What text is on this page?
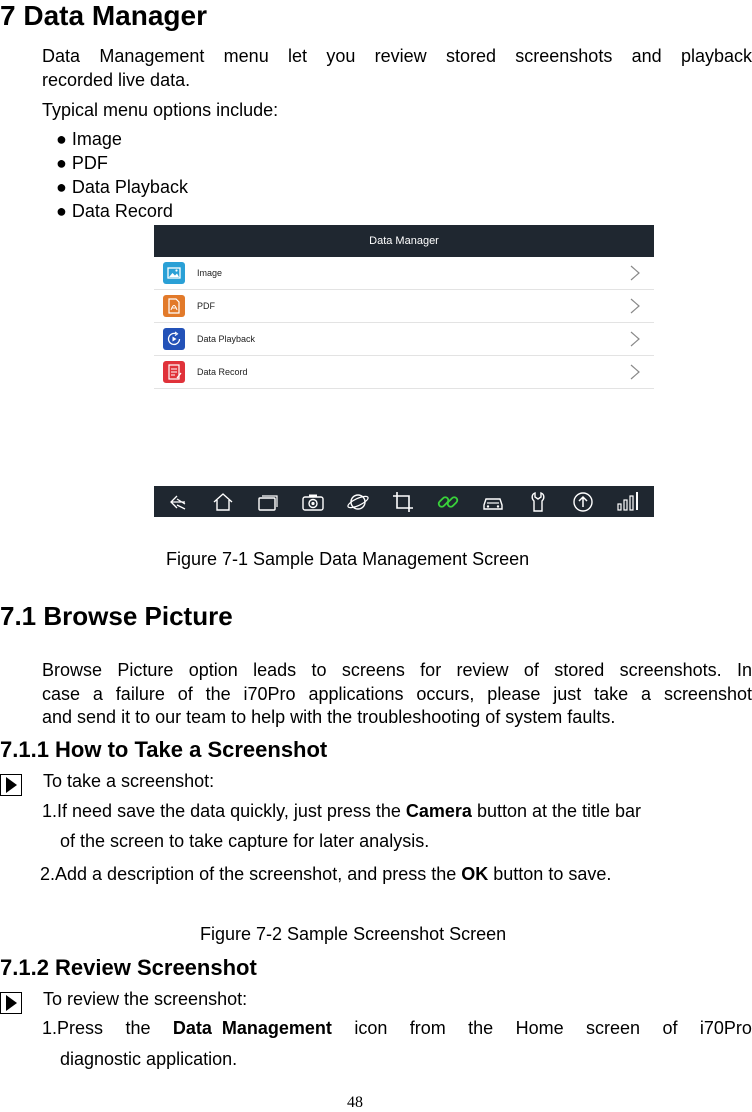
7 Data Manager
Data Management menu let you review stored screenshots and playback
recorded live data.
Typical menu options include:
● Image
● PDF
● Data Playback
● Data Record
Data Manager
Image
PDF
Data Playback
Data Record
Figure 7-1 Sample Data Management Screen
7.1 Browse Picture
Browse Picture option leads to screens for review of stored screenshots. In
case a failure of the i70Pro applications occurs, please just take a screenshot
and send it to our team to help with the troubleshooting of system faults.
7.1.1 How to Take a Screenshot
To take a screenshot:
1.If need save the data quickly, just press the Camera button at the title bar
of the screen to take capture for later analysis.
2.Add a description of the screenshot, and press the OK button to save.
Figure 7-2 Sample Screenshot Screen
7.1.2 Review Screenshot
To review the screenshot:
1.Press the Data  Management icon from the Home screen of i70Pro
diagnostic application.
48
